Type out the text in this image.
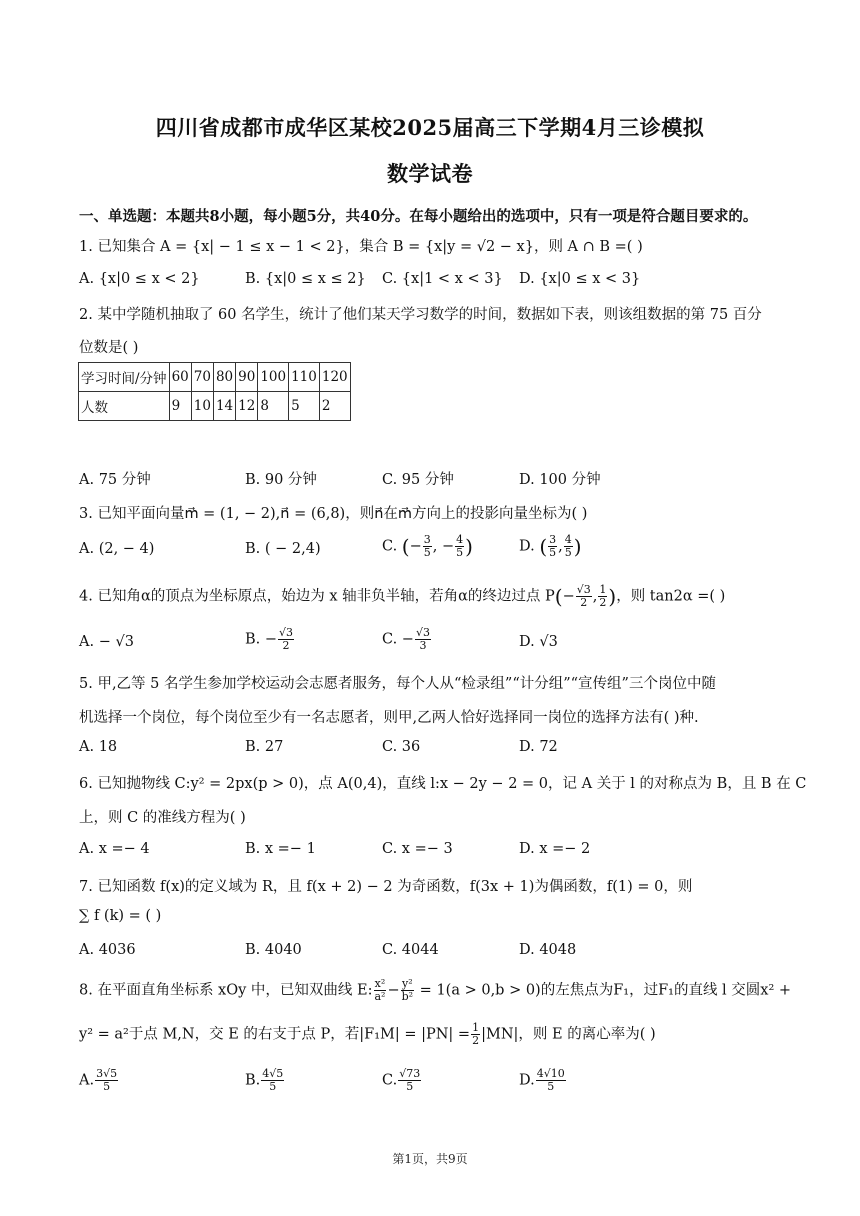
四川省成都市成华区某校2025届高三下学期4月三诊模拟
数学试卷
一、单选题：本题共8小题，每小题5分，共40分。在每小题给出的选项中，只有一项是符合题目要求的。
1. 已知集合 A = {x| − 1 ≤ x − 1 < 2}，集合 B = {x|y = √2 − x}，则 A ∩ B =( )
A. {x|0 ≤ x < 2}	B. {x|0 ≤ x ≤ 2} C. {x|1 < x < 3} D. {x|0 ≤ x < 3}
2. 某中学随机抽取了 60 名学生，统计了他们某天学习数学的时间，数据如下表，则该组数据的第 75 百分
位数是( )
学习时间/分钟	60	70	80	90	100	110	120
人数	9	10	14	12	8	5	2
A. 75 分钟	B. 90 分钟	C. 95 分钟	D. 100 分钟
3. 已知平面向量m⃗ = (1, − 2),n⃗ = (6,8)，则n⃗在m⃗方向上的投影向量坐标为( )
A. (2, − 4)	B. ( − 2,4)	C. (− $\frac{3}{5}$ , − $\frac{4}{5}$ )	D. ( $\frac{3}{5}$ , $\frac{4}{5}$ )
4. 已知角α的顶点为坐标原点，始边为 x 轴非负半轴，若角α的终边过点 $P(- \frac{√3}{2}$ , $\frac{1}{2}$ )，则 tan2α =( )
A. − √3	B. − $\frac{√3}{2}$	C. − $\frac{√3}{3}$	D. √3
5. 甲,乙等 5 名学生参加学校运动会志愿者服务，每个人从“检录组”“计分组”“宣传组”三个岗位中随
机选择一个岗位，每个岗位至少有一名志愿者，则甲,乙两人恰好选择同一岗位的选择方法有( )种.
A. 18	B. 27	C. 36	D. 72
6. 已知抛物线 C:y² = 2px(p > 0)，点 A(0,4)，直线 l:x − 2y − 2 = 0，记 A 关于 l 的对称点为 B，且 B 在 C
上，则 C 的准线方程为( )
A. x =− 4	B. x =− 1	C. x =− 3	D. x =− 2
7. 已知函数 f(x)的定义域为 R，且 f(x + 2) − 2 为奇函数，f(3x + 1)为偶函数，f(1) = 0，则
∑ f (k) = ( )
A. 4036	B. 4040	C. 4044	D. 4048
8. 在平面直角坐标系 xOy 中，已知双曲线 E: $\frac{\text{x²}}{\text{a²}} - \frac{\text{y²}}{\text{b²}} = 1(a > 0,b > 0)$的左焦点为F₁，过F₁的直线 l 交圆x² +
y² = a²于点 M,N，交 E 的右支于点 P，若$|F_1M| = |PN| = \frac{1}{2} |MN|$，则 E 的离心率为( )
A. $\frac{3√5}{5}$	B. $\frac{4√5}{5}$	C. $\frac{√73}{5}$	D. $\frac{4√10}{5}$
第1页，共9页
